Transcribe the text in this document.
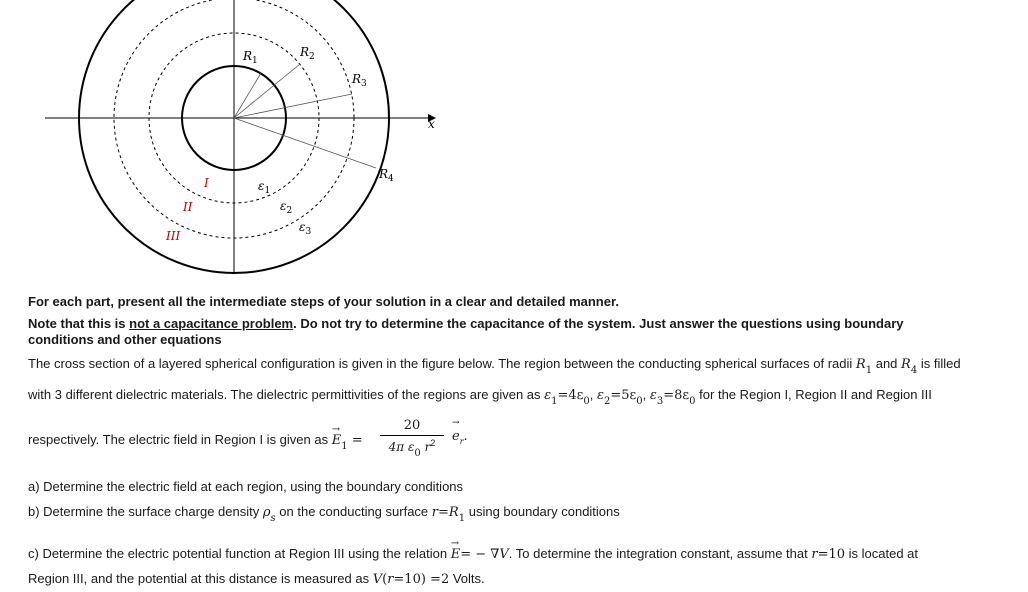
$R_1$
$R_2$
$R_3$
$R_4$
x
I
II
III
$\varepsilon_1$
$\varepsilon_2$
$\varepsilon_3$
For each part, present all the intermediate steps of your solution in a clear and detailed manner.
Note that this is not a capacitance problem. Do not try to determine the capacitance of the system. Just answer the questions using boundary
conditions and other equations
The cross section of a layered spherical configuration is given in the figure below. The region between the conducting spherical surfaces of radii $R_1$ and $R_4$ is filled
with 3 different dielectric materials. The dielectric permittivities of the regions are given as $\varepsilon_1=4\varepsilon_0$, $\varepsilon_2=5\varepsilon_0$, $\varepsilon_3=8\varepsilon_0$ for the Region I, Region II and Region III
respectively. The electric field in Region I is given as E
→
$_1$ =
20
4π $\varepsilon_0$ $r^2$	e
→
$_r$.
a) Determine the electric field at each region, using the boundary conditions
b) Determine the surface charge density $\rho_s$ on the conducting surface $r=R_1$ using boundary conditions
c) Determine the electric potential function at Region III using the relation E
→
= − ∇V. To determine the integration constant, assume that r=10 is located at
Region III, and the potential at this distance is measured as V(r=10) =2 Volts.
